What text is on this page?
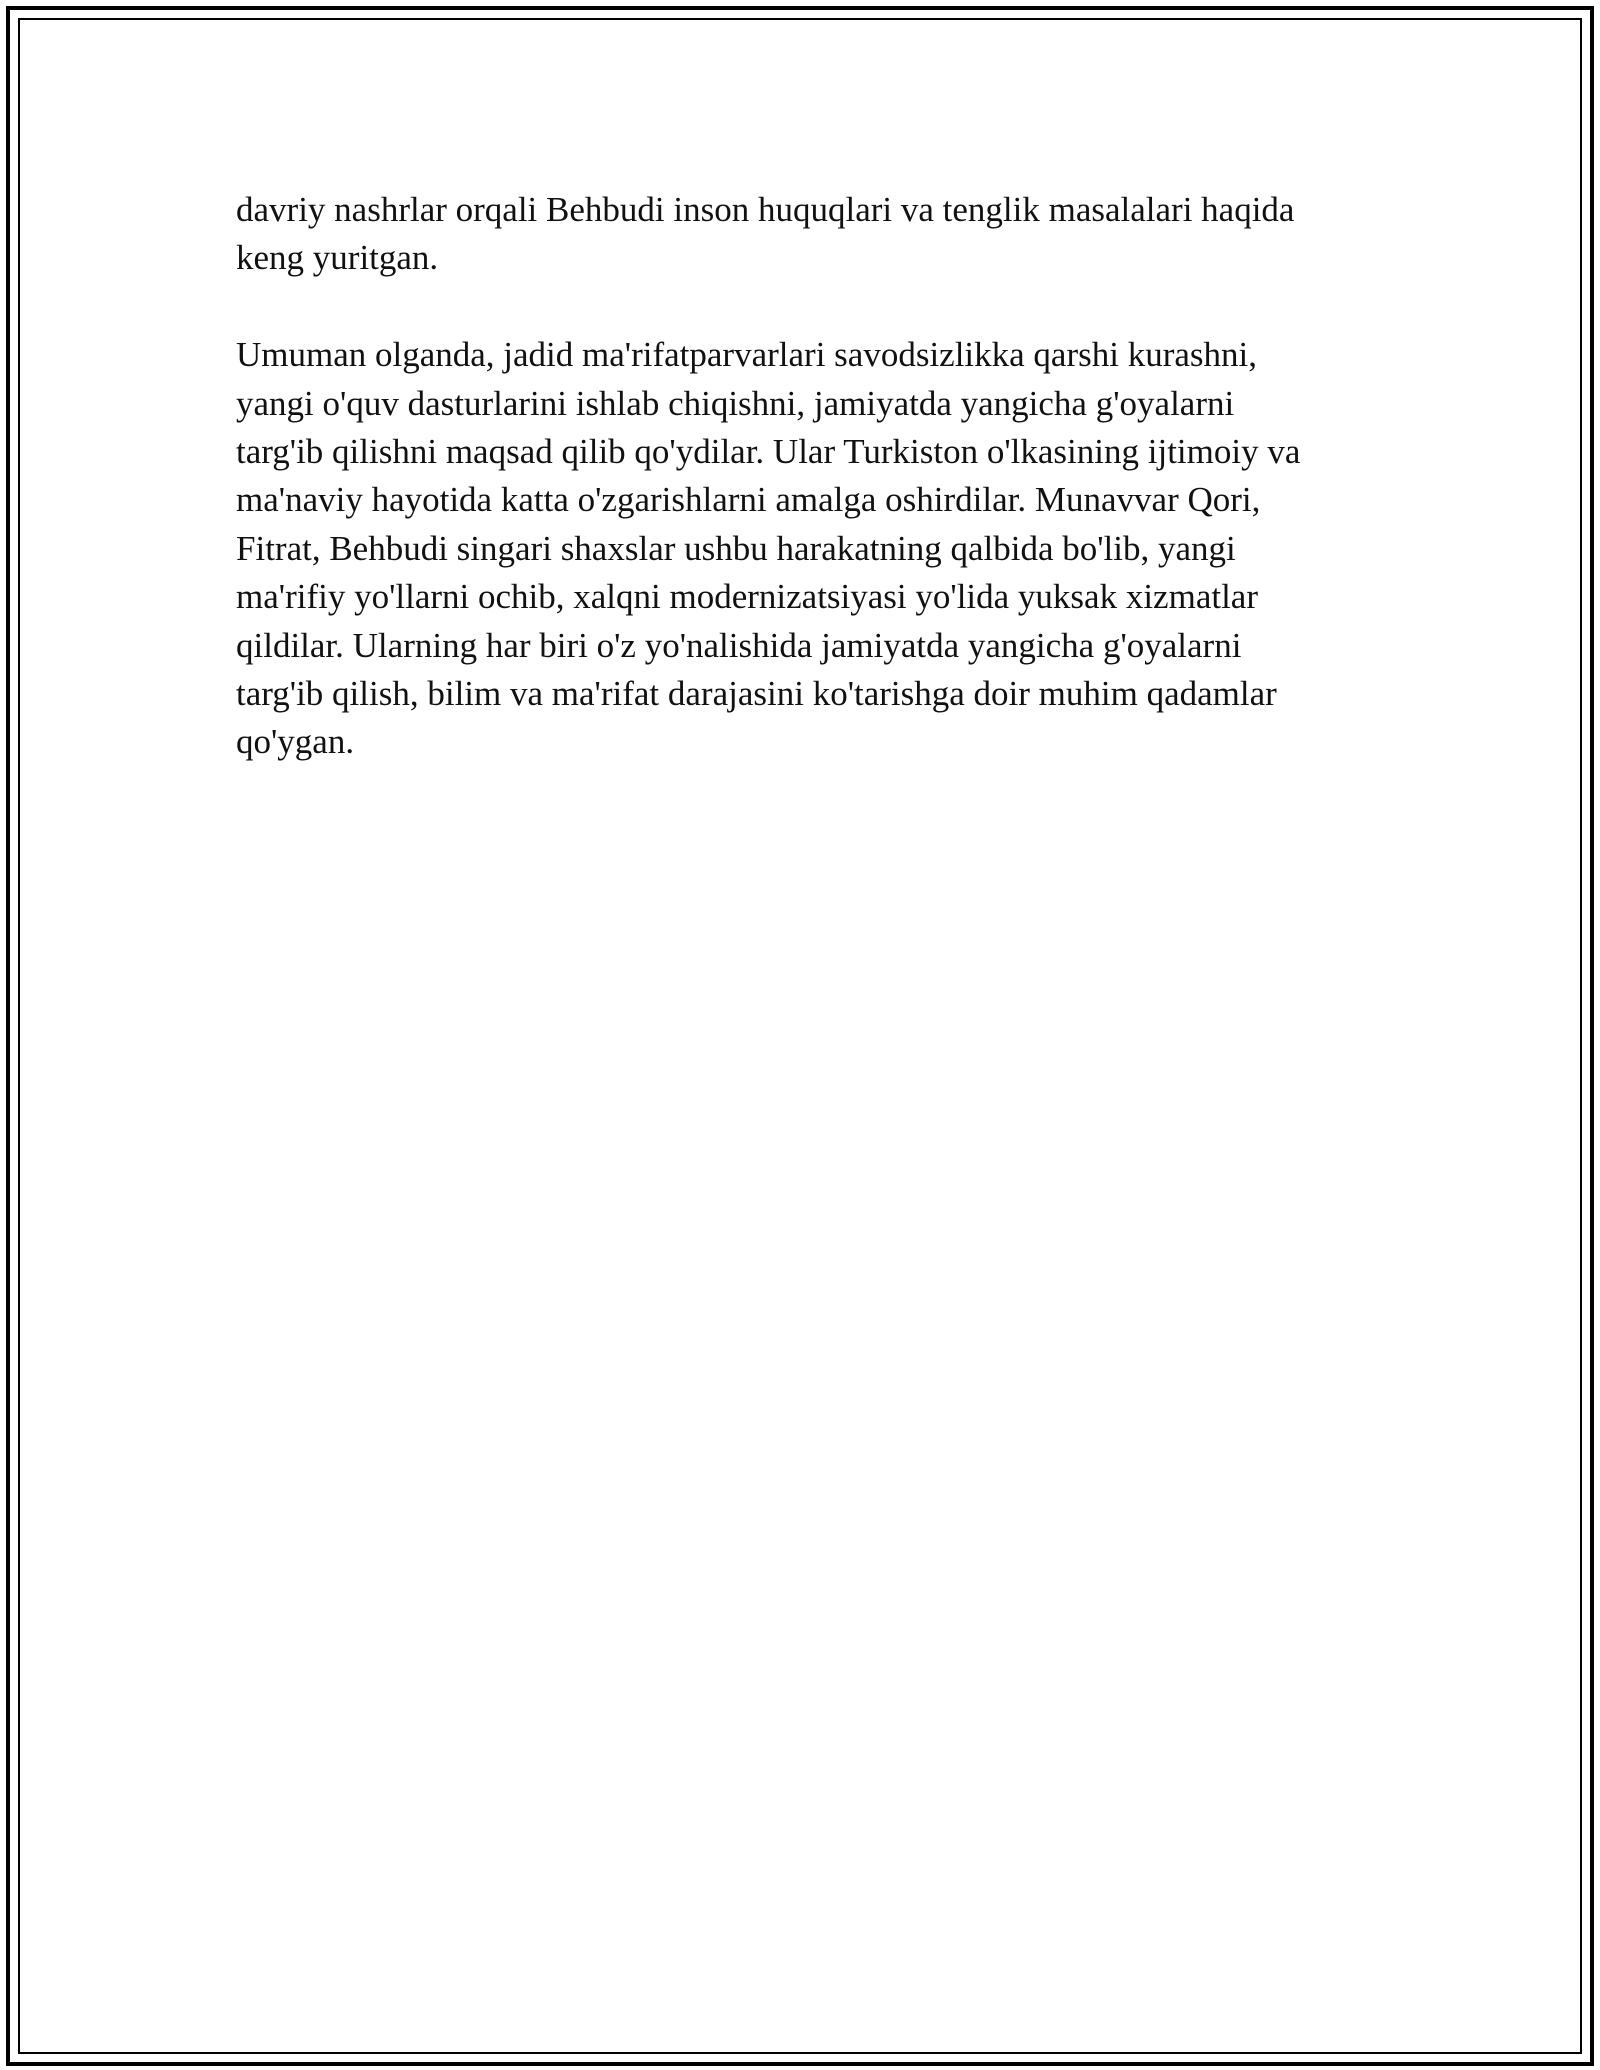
davriy nashrlar orqali Behbudi inson huquqlari va tenglik masalalari haqida
keng yuritgan.
Umuman olganda, jadid ma'rifatparvarlari savodsizlikka qarshi kurashni,
yangi o'quv dasturlarini ishlab chiqishni, jamiyatda yangicha g'oyalarni
targ'ib qilishni maqsad qilib qo'ydilar. Ular Turkiston o'lkasining ijtimoiy va
ma'naviy hayotida katta o'zgarishlarni amalga oshirdilar. Munavvar Qori,
Fitrat, Behbudi singari shaxslar ushbu harakatning qalbida bo'lib, yangi
ma'rifiy yo'llarni ochib, xalqni modernizatsiyasi yo'lida yuksak xizmatlar
qildilar. Ularning har biri o'z yo'nalishida jamiyatda yangicha g'oyalarni
targ'ib qilish, bilim va ma'rifat darajasini ko'tarishga doir muhim qadamlar
qo'ygan.
